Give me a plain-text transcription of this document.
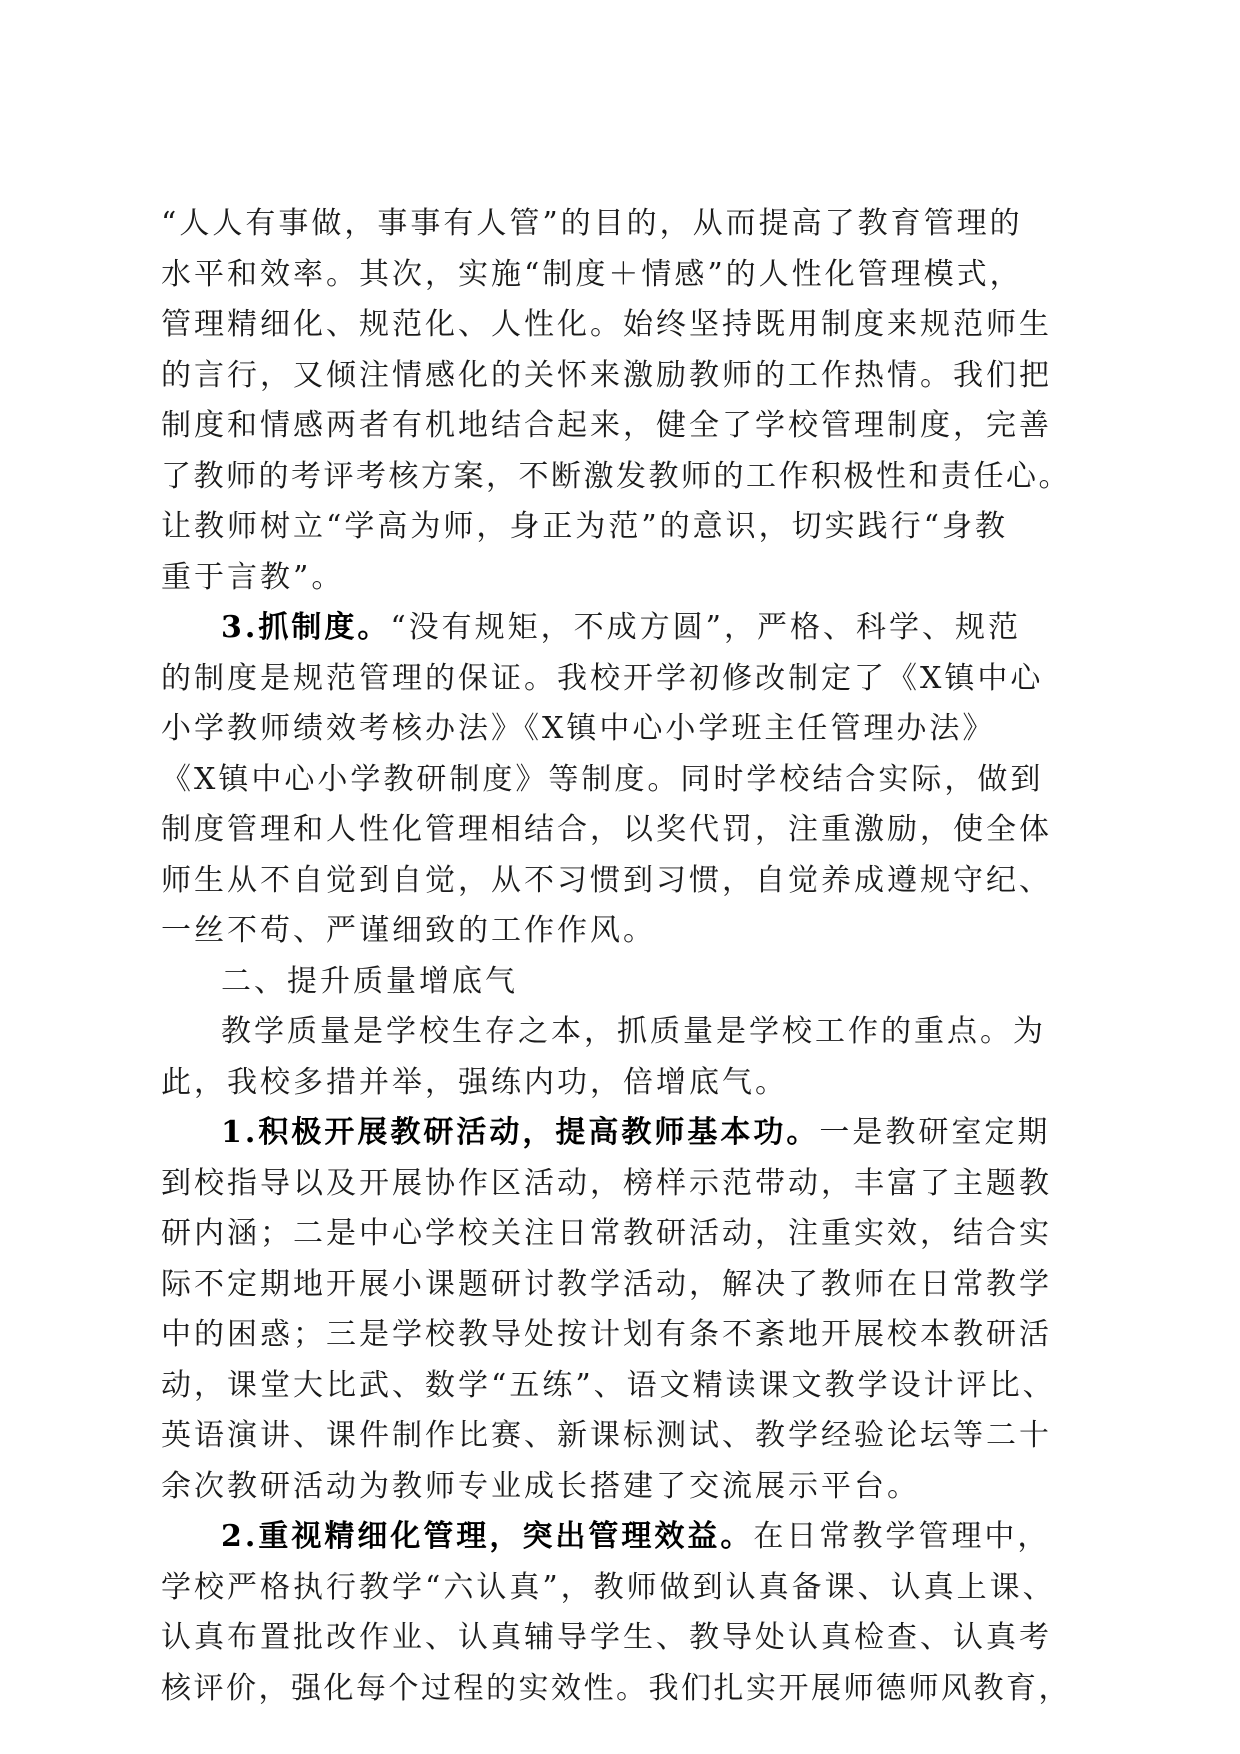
“人人有事做，事事有人管”的目的，从而提高了教育管理的
水平和效率。其次，实施“制度＋情感”的人性化管理模式，
管理精细化、规范化、人性化。始终坚持既用制度来规范师生
的言行，又倾注情感化的关怀来激励教师的工作热情。我们把
制度和情感两者有机地结合起来，健全了学校管理制度，完善
了教师的考评考核方案，不断激发教师的工作积极性和责任心。
让教师树立“学高为师，身正为范”的意识，切实践行“身教
重于言教”。
3.抓制度。“没有规矩，不成方圆”，严格、科学、规范
的制度是规范管理的保证。我校开学初修改制定了《X镇中心
小学教师绩效考核办法》《X镇中心小学班主任管理办法》
《X镇中心小学教研制度》等制度。同时学校结合实际，做到
制度管理和人性化管理相结合，以奖代罚，注重激励，使全体
师生从不自觉到自觉，从不习惯到习惯，自觉养成遵规守纪、
一丝不苟、严谨细致的工作作风。
二、提升质量增底气
教学质量是学校生存之本，抓质量是学校工作的重点。为
此，我校多措并举，强练内功，倍增底气。
1.积极开展教研活动，提高教师基本功。一是教研室定期
到校指导以及开展协作区活动，榜样示范带动，丰富了主题教
研内涵；二是中心学校关注日常教研活动，注重实效，结合实
际不定期地开展小课题研讨教学活动，解决了教师在日常教学
中的困惑；三是学校教导处按计划有条不紊地开展校本教研活
动，课堂大比武、数学“五练”、语文精读课文教学设计评比、
英语演讲、课件制作比赛、新课标测试、教学经验论坛等二十
余次教研活动为教师专业成长搭建了交流展示平台。
2.重视精细化管理，突出管理效益。在日常教学管理中，
学校严格执行教学“六认真”，教师做到认真备课、认真上课、
认真布置批改作业、认真辅导学生、教导处认真检查、认真考
核评价，强化每个过程的实效性。我们扎实开展师德师风教育，
